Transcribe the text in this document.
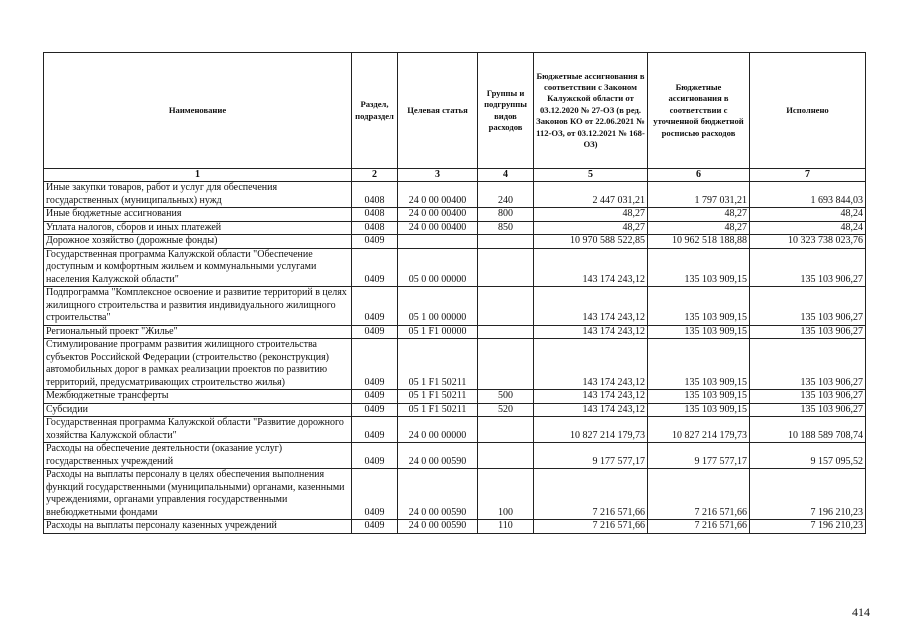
Наименование	Раздел, подраздел	Целевая статья	Группы и подгруппы видов расходов	Бюджетные ассигнования в соответствии с Законом Калужской области от 03.12.2020 № 27-ОЗ (в ред. Законов КО от 22.06.2021 № 112-ОЗ, от 03.12.2021 № 168-ОЗ)	Бюджетные ассигнования в соответствии с уточненной бюджетной росписью расходов	Исполнено
1	2	3	4	5	6	7
Иные закупки товаров, работ и услуг для обеспечения государственных (муниципальных) нужд	0408	24 0 00 00400	240	2 447 031,21	1 797 031,21	1 693 844,03
Иные бюджетные ассигнования	0408	24 0 00 00400	800	48,27	48,27	48,24
Уплата налогов, сборов и иных платежей	0408	24 0 00 00400	850	48,27	48,27	48,24
Дорожное хозяйство (дорожные фонды)	0409			10 970 588 522,85	10 962 518 188,88	10 323 738 023,76
Государственная программа Калужской области "Обеспечение доступным и комфортным жильем и коммунальными услугами населения Калужской области"	0409	05 0 00 00000		143 174 243,12	135 103 909,15	135 103 906,27
Подпрограмма "Комплексное освоение и развитие территорий в целях жилищного строительства и развития индивидуального жилищного строительства"	0409	05 1 00 00000		143 174 243,12	135 103 909,15	135 103 906,27
Региональный проект "Жилье"	0409	05 1 F1 00000		143 174 243,12	135 103 909,15	135 103 906,27
Стимулирование программ развития жилищного строительства субъектов Российской Федерации (строительство (реконструкция) автомобильных дорог в рамках реализации проектов по развитию территорий, предусматривающих строительство жилья)	0409	05 1 F1 50211		143 174 243,12	135 103 909,15	135 103 906,27
Межбюджетные трансферты	0409	05 1 F1 50211	500	143 174 243,12	135 103 909,15	135 103 906,27
Субсидии	0409	05 1 F1 50211	520	143 174 243,12	135 103 909,15	135 103 906,27
Государственная программа Калужской области "Развитие дорожного хозяйства Калужской области"	0409	24 0 00 00000		10 827 214 179,73	10 827 214 179,73	10 188 589 708,74
Расходы на обеспечение деятельности (оказание услуг) государственных учреждений	0409	24 0 00 00590		9 177 577,17	9 177 577,17	9 157 095,52
Расходы на выплаты персоналу в целях обеспечения выполнения функций государственными (муниципальными) органами, казенными учреждениями, органами управления государственными внебюджетными фондами	0409	24 0 00 00590	100	7 216 571,66	7 216 571,66	7 196 210,23
Расходы на выплаты персоналу казенных учреждений	0409	24 0 00 00590	110	7 216 571,66	7 216 571,66	7 196 210,23
414
